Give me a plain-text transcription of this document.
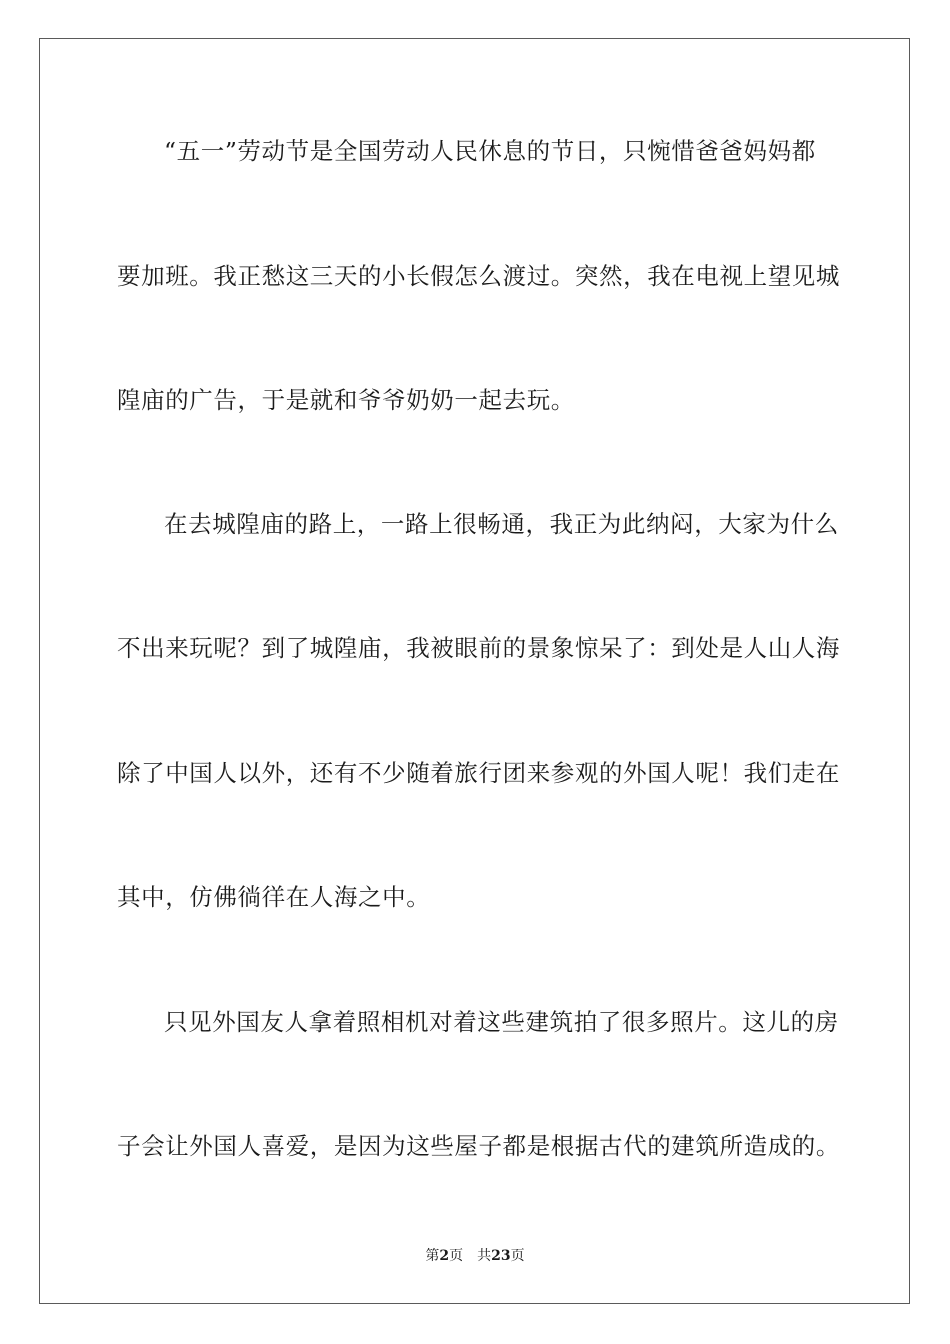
“五一”劳动节是全国劳动人民休息的节日，只惋惜爸爸妈妈都
要加班。我正愁这三天的小长假怎么渡过。突然，我在电视上望见城
隍庙的广告，于是就和爷爷奶奶一起去玩。
在去城隍庙的路上，一路上很畅通，我正为此纳闷，大家为什么
不出来玩呢？到了城隍庙，我被眼前的景象惊呆了：到处是人山人海
除了中国人以外，还有不少随着旅行团来参观的外国人呢！我们走在
其中，仿佛徜徉在人海之中。
只见外国友人拿着照相机对着这些建筑拍了很多照片。这儿的房
子会让外国人喜爱，是因为这些屋子都是根据古代的建筑所造成的。
第2页 共23页
